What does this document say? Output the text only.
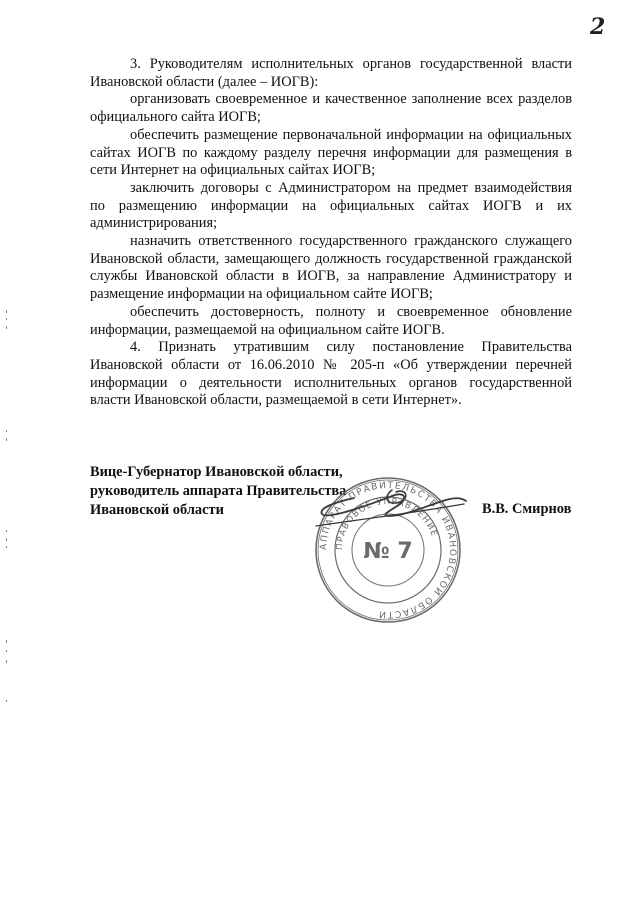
2

3. Руководителям исполнительных органов государственной власти Ивановской области (далее – ИОГВ):

организовать своевременное и качественное заполнение всех разделов официального сайта ИОГВ;

обеспечить размещение первоначальной информации на официальных сайтах ИОГВ по каждому разделу перечня информации для размещения в сети Интернет на официальных сайтах ИОГВ;

заключить договоры с Администратором на предмет взаимодействия по размещению информации на официальных сайтах ИОГВ и их администрирования;

назначить ответственного государственного гражданского служащего Ивановской области, замещающего должность государственной гражданской службы Ивановской области в ИОГВ, за направление Администратору и размещение информации на официальном сайте ИОГВ;

обеспечить достоверность, полноту и своевременное обновление информации, размещаемой на официальном сайте ИОГВ.

4. Признать утратившим силу постановление Правительства Ивановской области от 16.06.2010 № 205-п «Об утверждении перечней информации о деятельности исполнительных органов государственной власти Ивановской области, размещаемой в сети Интернет».

Вице-Губернатор Ивановской области,
руководитель аппарата Правительства
Ивановской области	В.В. Смирнов
АППАРАТ ПРАВИТЕЛЬСТВА ИВАНОВСКОЙ ОБЛАСТИ
ПРАВОВОЕ УПРАВЛЕНИЕ
№ 7
